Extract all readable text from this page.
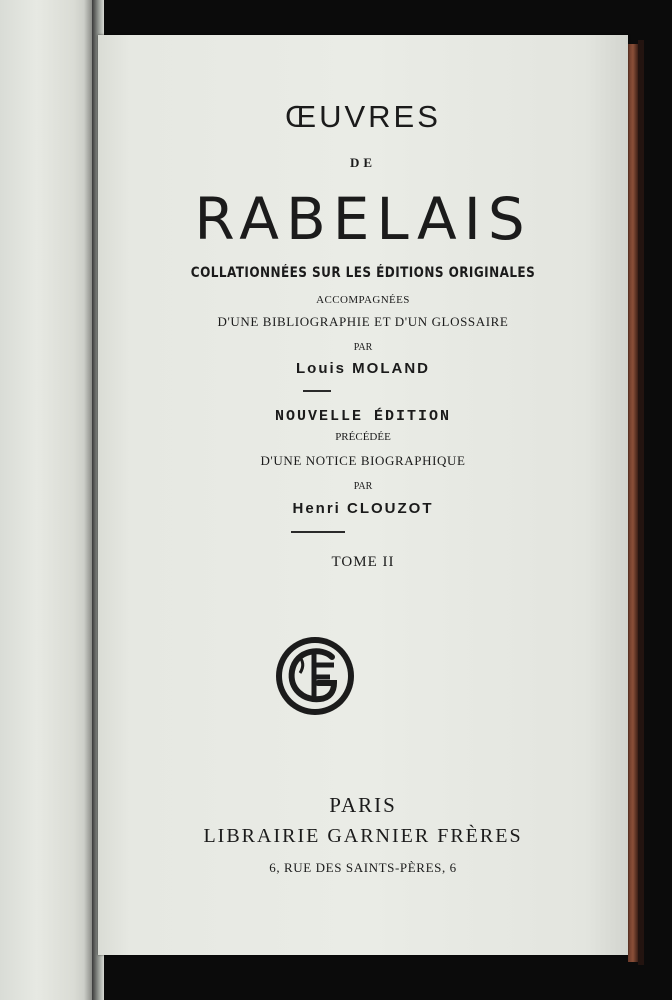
ŒUVRES
DE
RABELAIS
COLLATIONNÉES SUR LES ÉDITIONS ORIGINALES
ACCOMPAGNÉES
D'UNE BIBLIOGRAPHIE ET D'UN GLOSSAIRE
PAR
Louis MOLAND
NOUVELLE ÉDITION
PRÉCÉDÉE
D'UNE NOTICE BIOGRAPHIQUE
PAR
Henri CLOUZOT
TOME II
PARIS
LIBRAIRIE GARNIER FRÈRES
6, RUE DES SAINTS-PÈRES, 6
